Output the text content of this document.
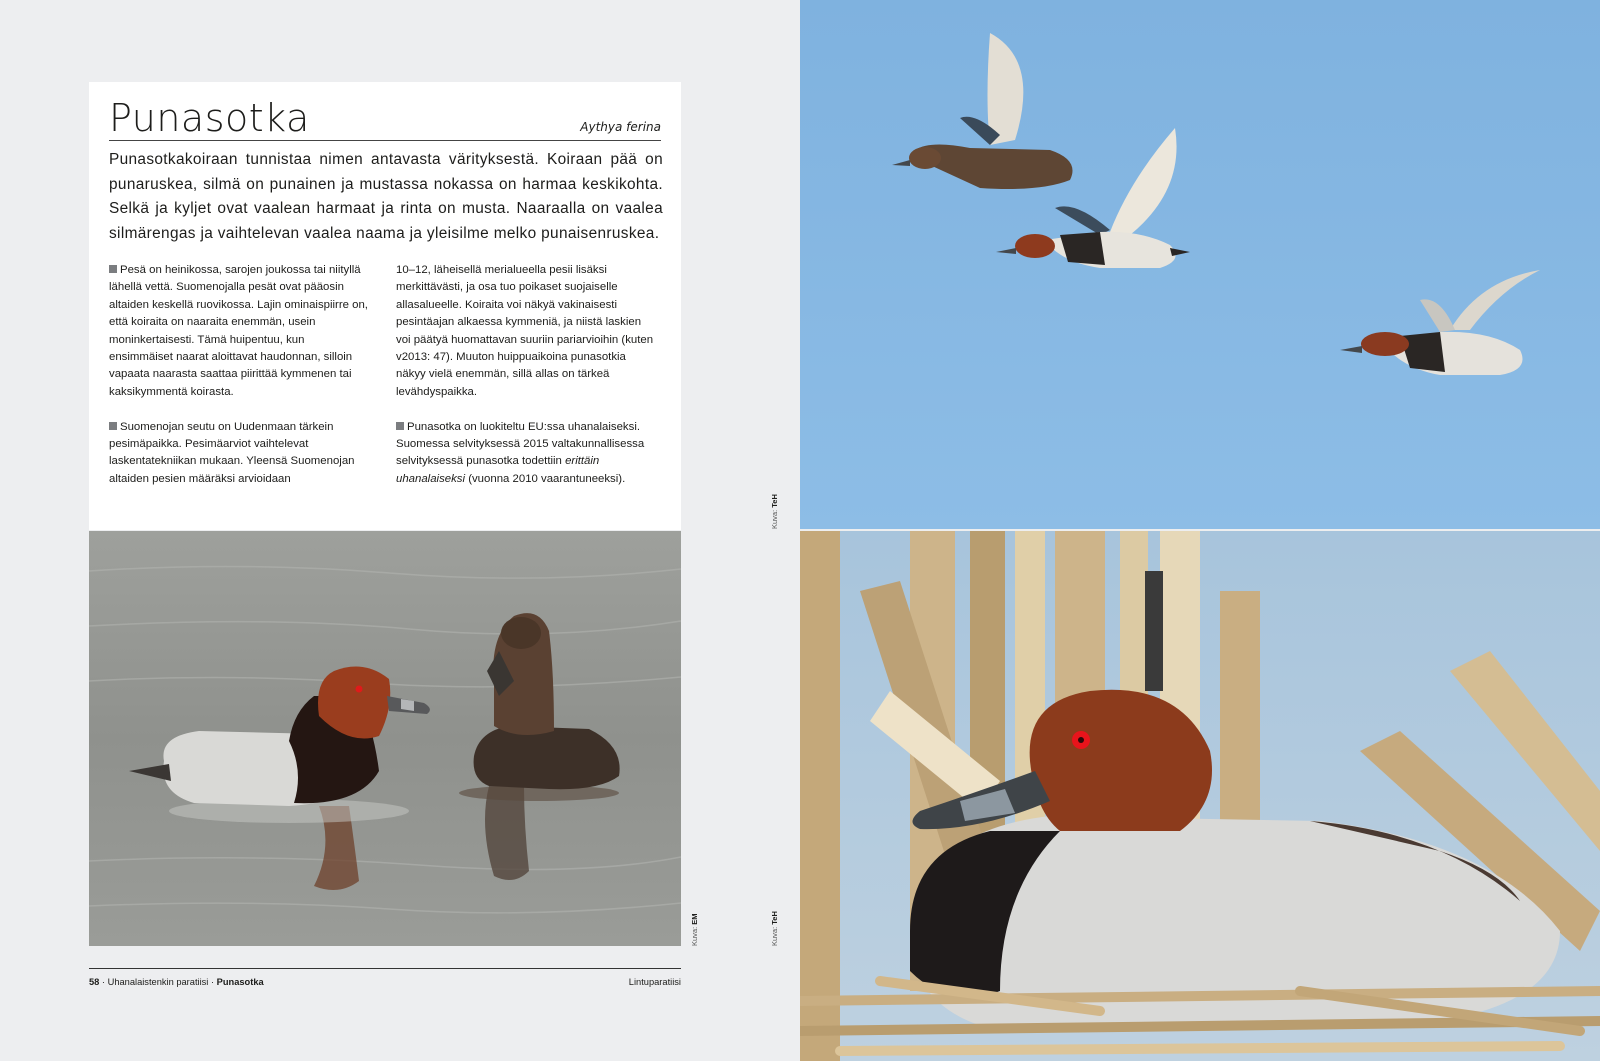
Punasotka	Aythya ferina

Punasotkakoiraan tunnistaa nimen antavasta värityksestä. Koiraan pää on punaruskea, silmä on punainen ja mustassa nokassa on harmaa keskikohta. Selkä ja kyljet ovat vaalean harmaat ja rinta on musta. Naaraalla on vaalea silmärengas ja vaihtelevan vaalea naama ja yleisilme melko punaisenruskea.

Pesä on heinikossa, sarojen joukossa tai niityllä lähellä vettä. Suomenojalla pesät ovat pääosin altaiden keskellä ruovikossa. Lajin ominaispiirre on, että koiraita on naaraita enemmän, usein moninkertaisesti. Tämä huipentuu, kun ensimmäiset naarat aloittavat haudonnan, silloin vapaata naarasta saattaa piirittää kymmenen tai kaksikymmentä koirasta.

Suomenojan seutu on Uudenmaan tärkein pesimäpaikka. Pesimäarviot vaihtelevat laskentatekniikan mukaan. Yleensä Suomenojan altaiden pesien määräksi arvioidaan

10–12, läheisellä merialueella pesii lisäksi merkittävästi, ja osa tuo poikaset suojaiselle allasalueelle. Koiraita voi näkyä vakinaisesti pesintäajan alkaessa kymmeniä, ja niistä laskien voi päätyä huomattavan suuriin pariarvioihin (kuten v2013: 47). Muuton huippuaikoina punasotkia näkyy vielä enemmän, sillä allas on tärkeä levähdyspaikka.

Punasotka on luokiteltu EU:ssa uhanalaiseksi. Suomessa selvityksessä 2015 valtakunnallisessa selvityksessä punasotka todettiin erittäin uhanalaiseksi (vuonna 2010 vaarantuneeksi).

Kuva: EM
Kuva: TeH
Kuva: TeH
58 · Uhanalaistenkin paratiisi · Punasotka	Lintuparatiisi
